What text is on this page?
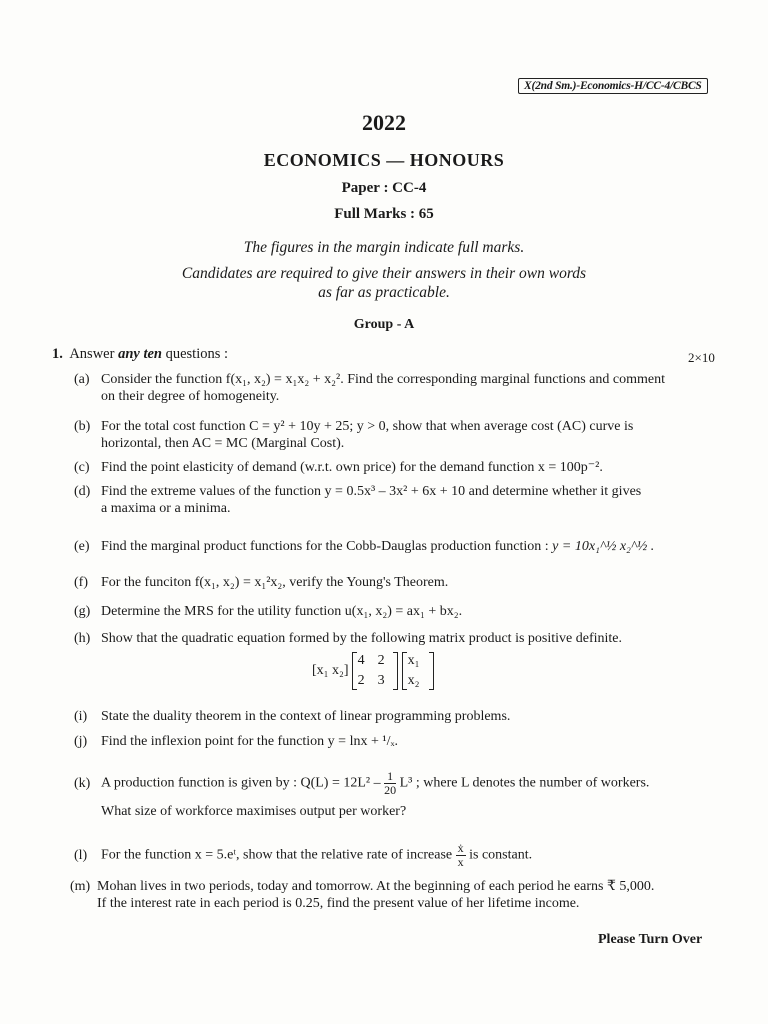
X(2nd Sm.)-Economics-H/CC-4/CBCS
2022
ECONOMICS — HONOURS
Paper : CC-4
Full Marks : 65
The figures in the margin indicate full marks.
Candidates are required to give their answers in their own words
as far as practicable.
Group - A
1. Answer any ten questions :	2×10
(a) Consider the function f(x₁, x₂) = x₁x₂ + x₂². Find the corresponding marginal functions and comment
on their degree of homogeneity.
(b) For the total cost function C = y² + 10y + 25; y > 0, show that when average cost (AC) curve is
horizontal, then AC = MC (Marginal Cost).
(c) Find the point elasticity of demand (w.r.t. own price) for the demand function x = 100p⁻².
(d) Find the extreme values of the function y = 0.5x³ – 3x² + 6x + 10 and determine whether it gives
a maxima or a minima.
(e) Find the marginal product functions for the Cobb-Dauglas production function : y = 10x₁^½ x₂^½ .
(f) For the funciton f(x₁, x₂) = x₁²x₂, verify the Young's Theorem.
(g) Determine the MRS for the utility function u(x₁, x₂) = ax₁ + bx₂.
(h) Show that the quadratic equation formed by the following matrix product is positive definite.
[x₁ x₂]
4 2
2 3
x₁
x₂
(i) State the duality theorem in the context of linear programming problems.
(j) Find the inflexion point for the function y = lnx + ¹/ₓ.
(k) A production function is given by : $Q(L) = 12L^2 - \frac{1}{20} L^3$ ; where L denotes the number of workers.
What size of workforce maximises output per worker?
(l) For the function x = 5.eᵗ, show that the relative rate of increase $\frac{\text{ẋ}}{x}$ is constant.
(m) Mohan lives in two periods, today and tomorrow. At the beginning of each period he earns ₹ 5,000.
If the interest rate in each period is 0.25, find the present value of her lifetime income.
Please Turn Over
